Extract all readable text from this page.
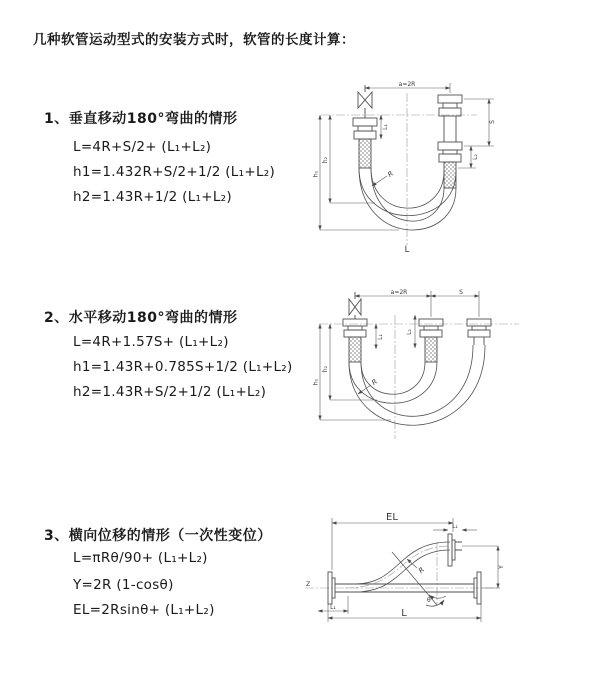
几种软管运动型式的安装方式时，软管的长度计算：
1、垂直移动180°弯曲的情形
L=4R+S/2+ (L₁+L₂)
h1=1.432R+S/2+1/2 (L₁+L₂)
h2=1.43R+1/2 (L₁+L₂)
2、水平移动180°弯曲的情形
L=4R+1.57S+ (L₁+L₂)
h1=1.43R+0.785S+1/2 (L₁+L₂)
h2=1.43R+S/2+1/2 (L₁+L₂)
3、横向位移的情形（一次性变位）
L=πRθ/90+ (L₁+L₂)
Y=2R (1-cosθ)
EL=2Rsinθ+ (L₁+L₂)
a=2R
S
L₂
L₁
h₂
h₁	R
L
a=2R	S
h₂
h₁
L₁
L₂
R
EL
L₁
Y
R
θ
L
L₁
Z
